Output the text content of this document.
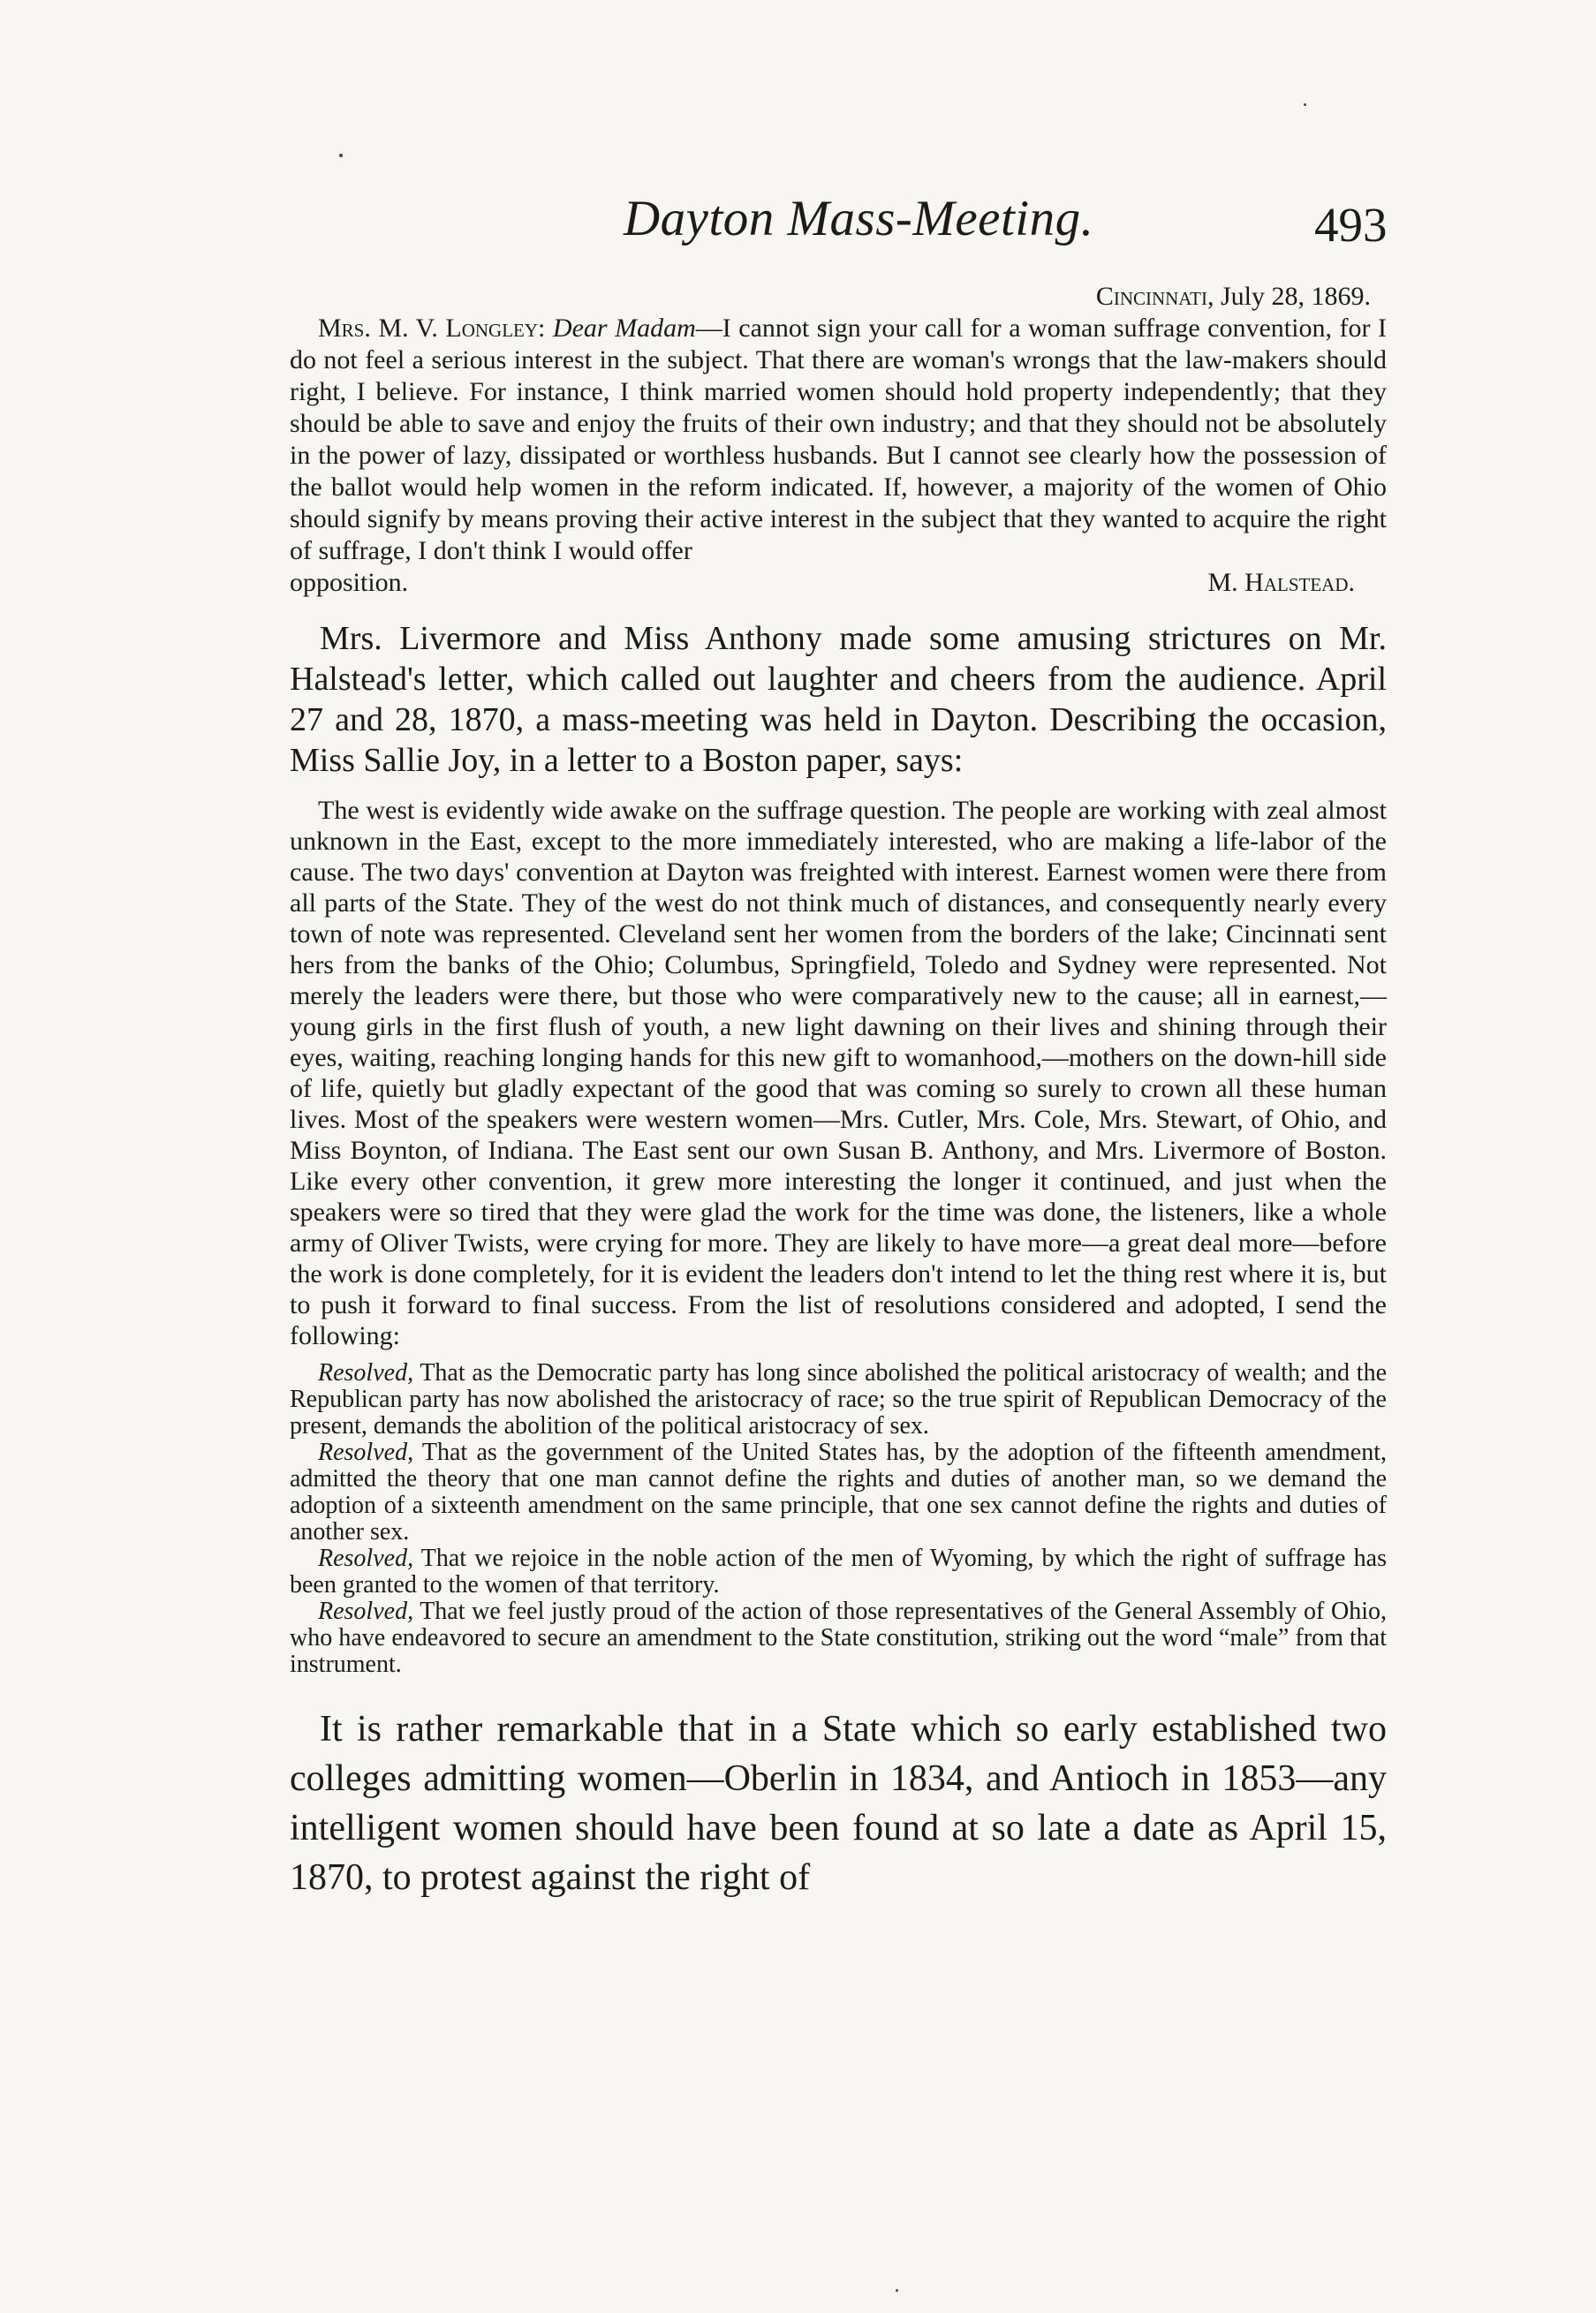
Dayton Mass-Meeting.	493
Cincinnati, July 28, 1869.

Mrs. M. V. Longley: Dear Madam—I cannot sign your call for a woman suffrage convention, for I do not feel a serious interest in the subject. That there are woman's wrongs that the law-makers should right, I believe. For instance, I think married women should hold property independently; that they should be able to save and enjoy the fruits of their own industry; and that they should not be absolutely in the power of lazy, dissipated or worthless husbands. But I cannot see clearly how the possession of the ballot would help women in the reform indicated. If, however, a majority of the women of Ohio should signify by means proving their active interest in the subject that they wanted to acquire the right of suffrage, I don't think I would offer

opposition.	M. Halstead.
Mrs. Livermore and Miss Anthony made some amusing strictures on Mr. Halstead's letter, which called out laughter and cheers from the audience. April 27 and 28, 1870, a mass-meeting was held in Dayton. Describing the occasion, Miss Sallie Joy, in a letter to a Boston paper, says:

The west is evidently wide awake on the suffrage question. The people are working with zeal almost unknown in the East, except to the more immediately interested, who are making a life-labor of the cause. The two days' convention at Dayton was freighted with interest. Earnest women were there from all parts of the State. They of the west do not think much of distances, and consequently nearly every town of note was represented. Cleveland sent her women from the borders of the lake; Cincinnati sent hers from the banks of the Ohio; Columbus, Springfield, Toledo and Sydney were represented. Not merely the leaders were there, but those who were comparatively new to the cause; all in earnest,—young girls in the first flush of youth, a new light dawning on their lives and shining through their eyes, waiting, reaching longing hands for this new gift to womanhood,—mothers on the down-hill side of life, quietly but gladly expectant of the good that was coming so surely to crown all these human lives. Most of the speakers were western women—Mrs. Cutler, Mrs. Cole, Mrs. Stewart, of Ohio, and Miss Boynton, of Indiana. The East sent our own Susan B. Anthony, and Mrs. Livermore of Boston. Like every other convention, it grew more interesting the longer it continued, and just when the speakers were so tired that they were glad the work for the time was done, the listeners, like a whole army of Oliver Twists, were crying for more. They are likely to have more—a great deal more—before the work is done completely, for it is evident the leaders don't intend to let the thing rest where it is, but to push it forward to final success. From the list of resolutions considered and adopted, I send the following:

Resolved, That as the Democratic party has long since abolished the political aristocracy of wealth; and the Republican party has now abolished the aristocracy of race; so the true spirit of Republican Democracy of the present, demands the abolition of the political aristocracy of sex.

Resolved, That as the government of the United States has, by the adoption of the fifteenth amendment, admitted the theory that one man cannot define the rights and duties of another man, so we demand the adoption of a sixteenth amendment on the same principle, that one sex cannot define the rights and duties of another sex.

Resolved, That we rejoice in the noble action of the men of Wyoming, by which the right of suffrage has been granted to the women of that territory.

Resolved, That we feel justly proud of the action of those representatives of the General Assembly of Ohio, who have endeavored to secure an amendment to the State constitution, striking out the word “male” from that instrument.

It is rather remarkable that in a State which so early established two colleges admitting women—Oberlin in 1834, and Antioch in 1853—any intelligent women should have been found at so late a date as April 15, 1870, to protest against the right of
